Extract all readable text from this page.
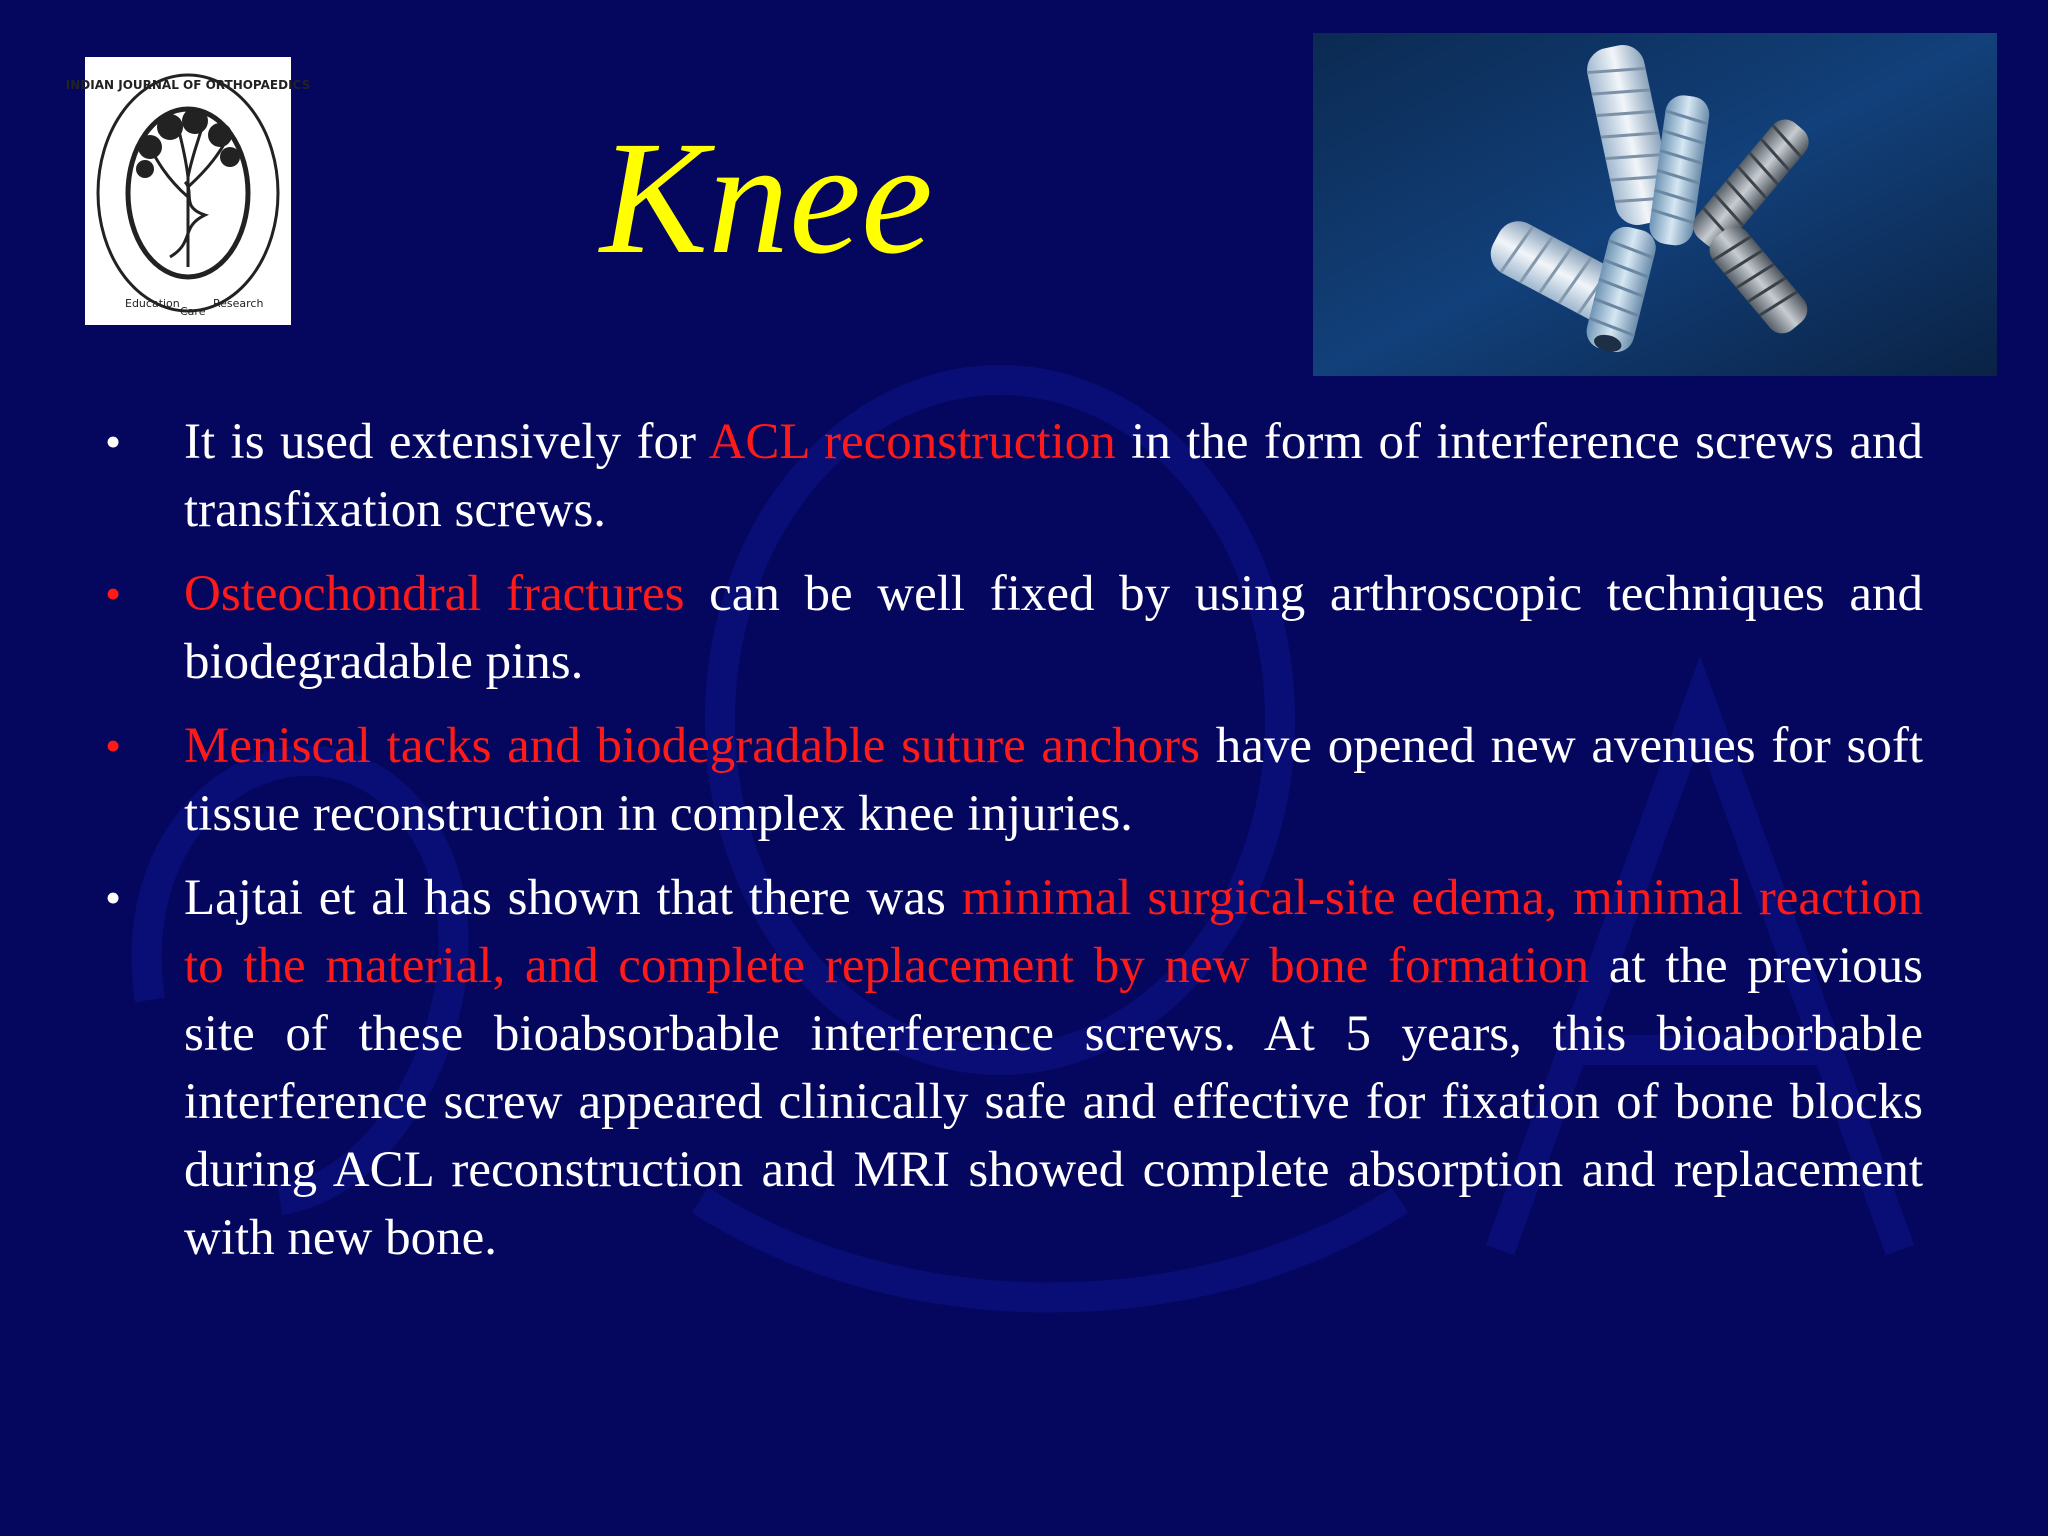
INDIAN JOURNAL OF ORTHOPAEDICS
Education
Care
Research
Knee
• It is used extensively for ACL reconstruction in the form of interference screws and transfixation screws.
• Osteochondral fractures can be well fixed by using arthroscopic techniques and biodegradable pins.
• Meniscal tacks and biodegradable suture anchors have opened new avenues for soft tissue reconstruction in complex knee injuries.
• Lajtai et al has shown that there was minimal surgical-site edema, minimal reaction to the material, and complete replacement by new bone formation at the previous site of these bioabsorbable interference screws. At 5 years, this bioaborbable interference screw appeared clinically safe and effective for fixation of bone blocks during ACL reconstruction and MRI showed complete absorption and replacement with new bone.
